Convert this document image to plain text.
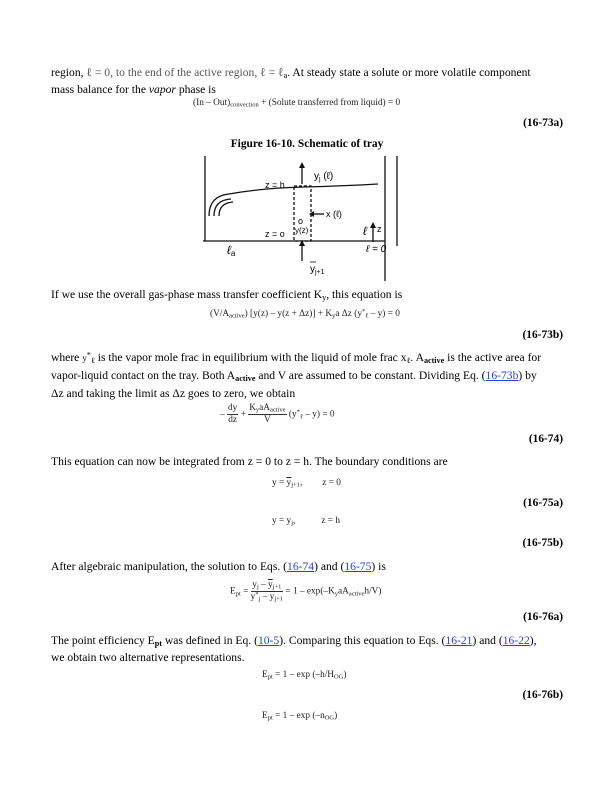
region, ℓ = 0, to the end of the active region, ℓ = ℓ$_a$. At steady state a solute or more volatile component
mass balance for the vapor phase is
$(In - Out)_{convection}$ + (Solute transferred from liquid) = 0
(16-73a)
Figure 16-10. Schematic of tray
z = h
$y_j$ (ℓ)
x (ℓ)
o
y(z)
z = o
ℓa
ℓ z
ℓ = 0
$y_{j+1}$
If we use the overall gas-phase mass transfer coefficient $K_y$, this equation is
$(V/A_{active})$ $[y(z) - y(z + \Delta z)] + K_ya$ Δz $(y^*_\ell - y) = 0$
(16-73b)
where $y^*_\ell$ is the vapor mole frac in equilibrium with the liquid of mole frac $x_\ell$. $A_{active}$ is the active area for
vapor-liquid contact on the tray. Both $A_{active}$ and V are assumed to be constant. Dividing Eq. (16-73b) by
Δz and taking the limit as Δz goes to zero, we obtain
– $\frac{dy}{dz} + \frac{K_yaA_{active}}{V} (y^*_\ell - y) = 0$
(16-74)
This equation can now be integrated from z = 0 to z = h. The boundary conditions are
$y = \overline{y}_{j+1}$, z = 0
(16-75a)
$y = y_j$,	z = h
(16-75b)
After algebraic manipulation, the solution to Eqs. (16-74) and (16-75) is
$E_{pt} = \frac{y_j - \overline{y}_{j+1}}{y^*_j - \overline{y}_{j+1}} = 1 - \exp(-K_yaA_{active}h/V)$
(16-76a)
The point efficiency $E_{pt}$ was defined in Eq. (10-5). Comparing this equation to Eqs. (16-21) and (16-22),
we obtain two alternative representations.
$E_{pt} = 1 - \exp (-h/H_{OG})$
(16-76b)
$E_{pt} = 1 - \exp (-n_{OG})$
